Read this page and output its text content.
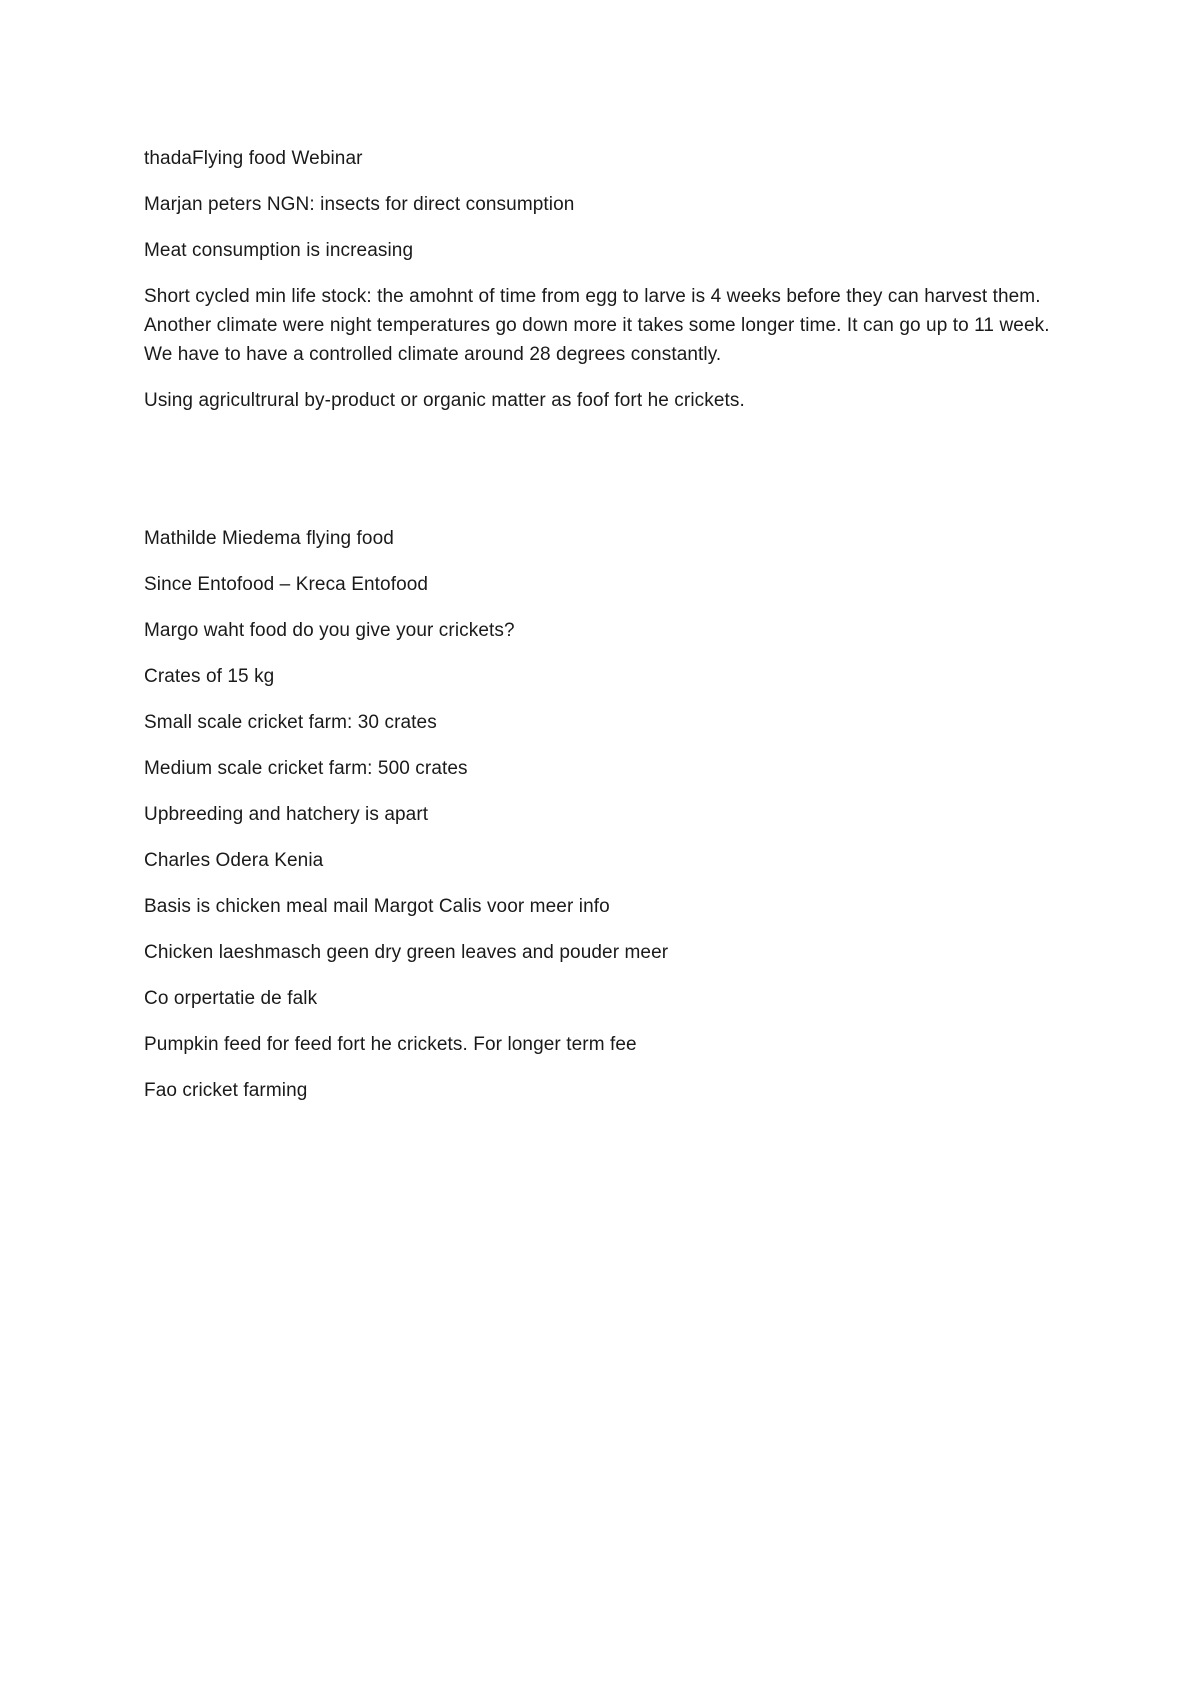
thadaFlying food Webinar

Marjan peters NGN: insects for direct consumption

Meat consumption is increasing

Short cycled min life stock: the amohnt of time from egg to larve is 4 weeks before they can harvest them. Another climate were night temperatures go down more it takes some longer time. It can go up to 11 week. We have to have a controlled climate around 28 degrees constantly.

Using agricultrural by-product or organic matter as foof fort he crickets.

Mathilde Miedema flying food

Since Entofood – Kreca Entofood

Margo waht food do you give your crickets?

Crates of 15 kg

Small scale cricket farm: 30 crates

Medium scale cricket farm: 500 crates

Upbreeding and hatchery is apart

Charles Odera Kenia

Basis is chicken meal mail Margot Calis voor meer info

Chicken laeshmasch geen dry green leaves and pouder meer

Co orpertatie de falk

Pumpkin feed for feed fort he crickets. For longer term fee

Fao cricket farming
